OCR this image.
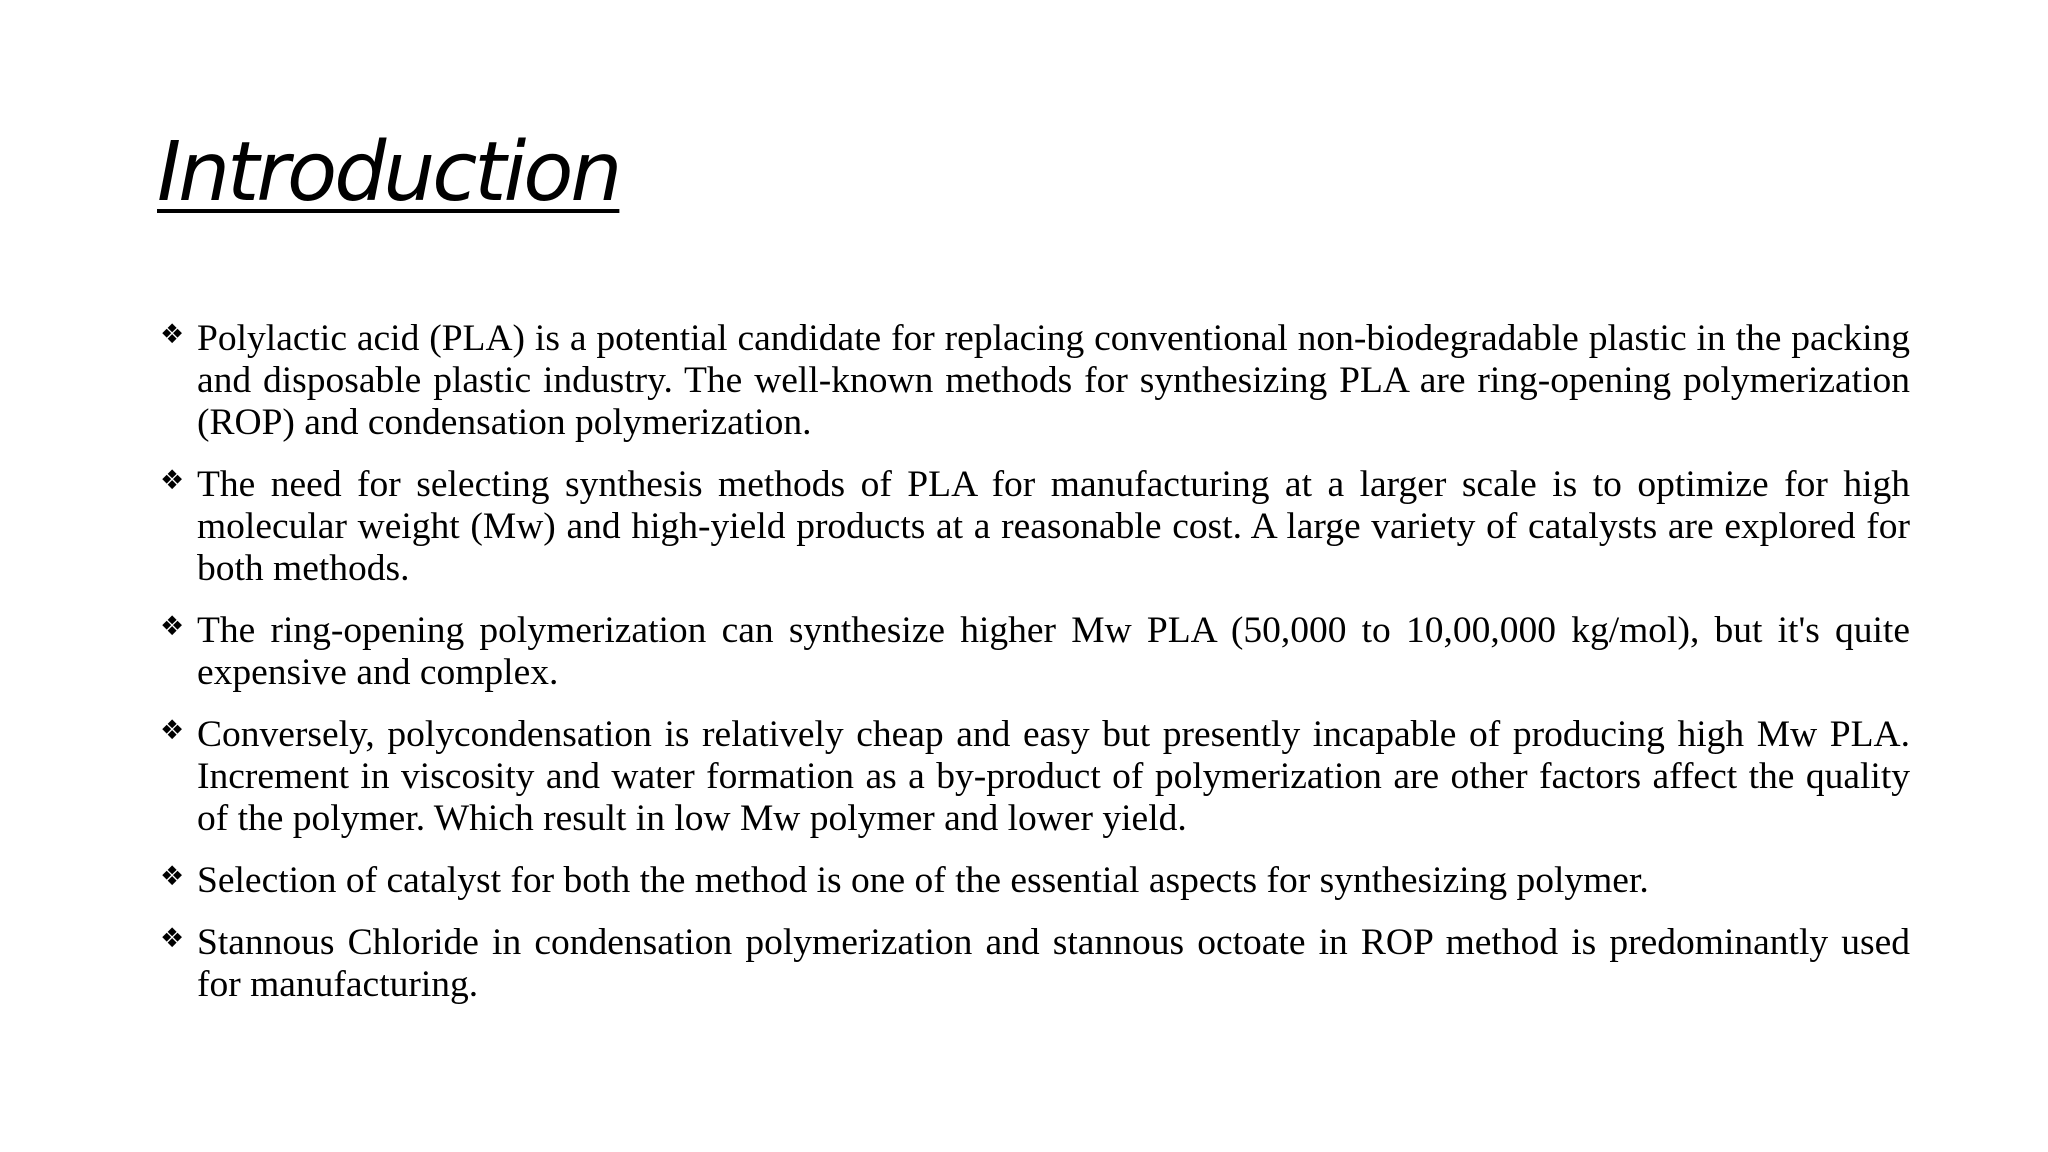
Introduction
❖ Polylactic acid (PLA) is a potential candidate for replacing conventional non-biodegradable plastic in the packing and disposable plastic industry. The well-known methods for synthesizing PLA are ring-opening polymerization (ROP) and condensation polymerization.
❖ The need for selecting synthesis methods of PLA for manufacturing at a larger scale is to optimize for high molecular weight (Mw) and high-yield products at a reasonable cost. A large variety of catalysts are explored for both methods.
❖ The ring-opening polymerization can synthesize higher Mw PLA (50,000 to 10,00,000 kg/mol), but it's quite expensive and complex.
❖ Conversely, polycondensation is relatively cheap and easy but presently incapable of producing high Mw PLA. Increment in viscosity and water formation as a by-product of polymerization are other factors affect the quality of the polymer. Which result in low Mw polymer and lower yield.
❖ Selection of catalyst for both the method is one of the essential aspects for synthesizing polymer.
❖ Stannous Chloride in condensation polymerization and stannous octoate in ROP method is predominantly used for manufacturing.
